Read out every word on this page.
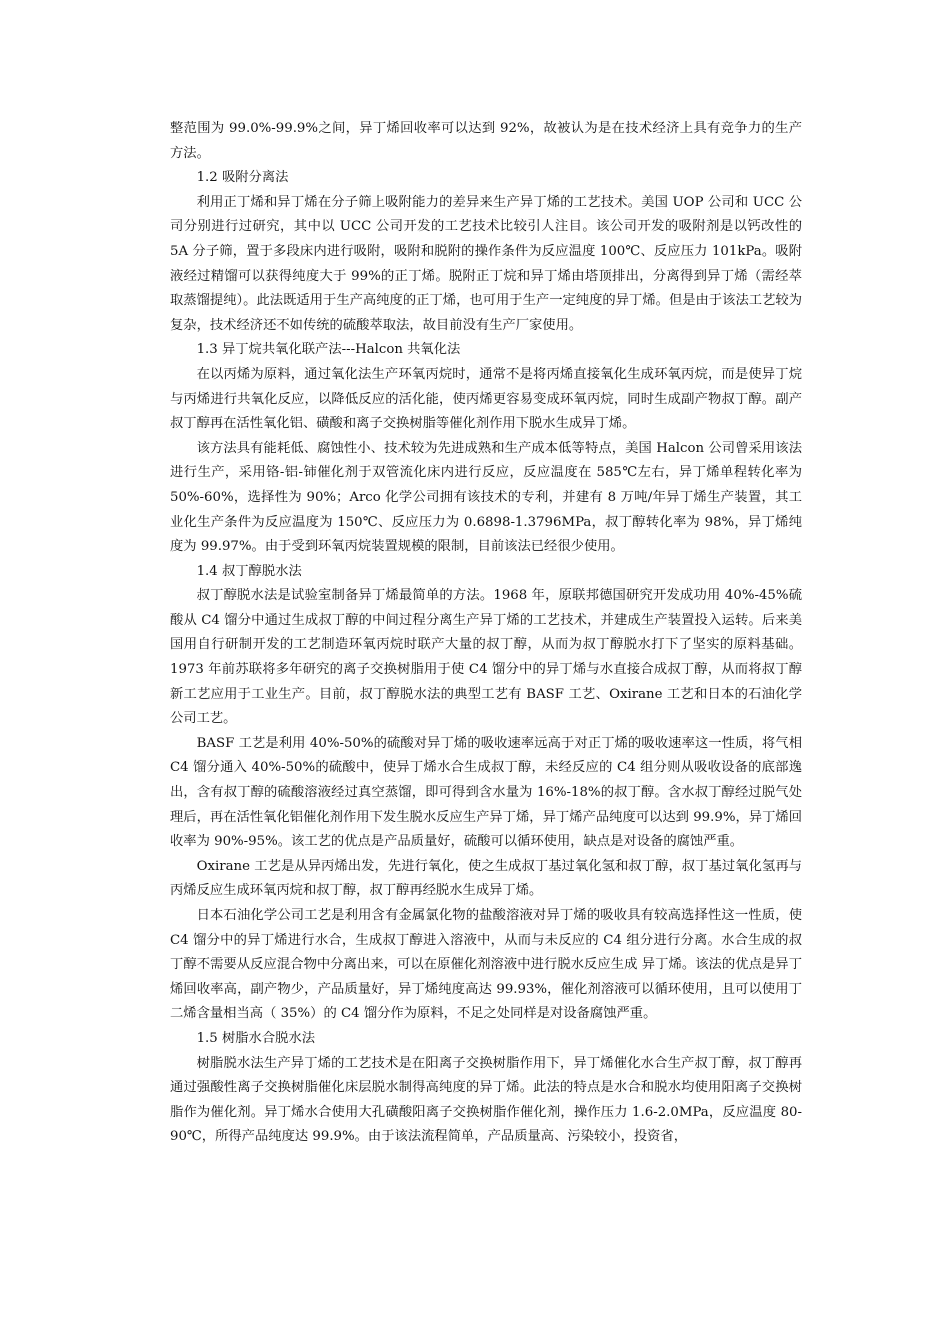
整范围为 99.0%-99.9%之间，异丁烯回收率可以达到 92%，故被认为是在技术经济上具有竞争力的生产方法。

1.2 吸附分离法

利用正丁烯和异丁烯在分子筛上吸附能力的差异来生产异丁烯的工艺技术。美国 UOP 公司和 UCC 公司分别进行过研究，其中以 UCC 公司开发的工艺技术比较引人注目。该公司开发的吸附剂是以钙改性的 5A 分子筛，置于多段床内进行吸附，吸附和脱附的操作条件为反应温度 100℃、反应压力 101kPa。吸附液经过精馏可以获得纯度大于 99%的正丁烯。脱附正丁烷和异丁烯由塔顶排出，分离得到异丁烯（需经萃取蒸馏提纯）。此法既适用于生产高纯度的正丁烯，也可用于生产一定纯度的异丁烯。但是由于该法工艺较为复杂，技术经济还不如传统的硫酸萃取法，故目前没有生产厂家使用。

1.3 异丁烷共氧化联产法---Halcon 共氧化法

在以丙烯为原料，通过氧化法生产环氧丙烷时，通常不是将丙烯直接氧化生成环氧丙烷，而是使异丁烷与丙烯进行共氧化反应，以降低反应的活化能，使丙烯更容易变成环氧丙烷，同时生成副产物叔丁醇。副产叔丁醇再在活性氧化铝、磺酸和离子交换树脂等催化剂作用下脱水生成异丁烯。

该方法具有能耗低、腐蚀性小、技术较为先进成熟和生产成本低等特点，美国 Halcon 公司曾采用该法进行生产，采用铬-铝-铈催化剂于双管流化床内进行反应，反应温度在 585℃左右，异丁烯单程转化率为 50%-60%，选择性为 90%；Arco 化学公司拥有该技术的专利，并建有 8 万吨/年异丁烯生产装置，其工业化生产条件为反应温度为 150℃、反应压力为 0.6898-1.3796MPa，叔丁醇转化率为 98%，异丁烯纯度为 99.97%。由于受到环氧丙烷装置规模的限制，目前该法已经很少使用。

1.4 叔丁醇脱水法

叔丁醇脱水法是试验室制备异丁烯最简单的方法。1968 年，原联邦德国研究开发成功用 40%-45%硫酸从 C4 馏分中通过生成叔丁醇的中间过程分离生产异丁烯的工艺技术，并建成生产装置投入运转。后来美国用自行研制开发的工艺制造环氧丙烷时联产大量的叔丁醇，从而为叔丁醇脱水打下了坚实的原料基础。1973 年前苏联将多年研究的离子交换树脂用于使 C4 馏分中的异丁烯与水直接合成叔丁醇，从而将叔丁醇新工艺应用于工业生产。目前，叔丁醇脱水法的典型工艺有 BASF 工艺、Oxirane 工艺和日本的石油化学公司工艺。

BASF 工艺是利用 40%-50%的硫酸对异丁烯的吸收速率远高于对正丁烯的吸收速率这一性质，将气相 C4 馏分通入 40%-50%的硫酸中，使异丁烯水合生成叔丁醇，未经反应的 C4 组分则从吸收设备的底部逸出，含有叔丁醇的硫酸溶液经过真空蒸馏，即可得到含水量为 16%-18%的叔丁醇。含水叔丁醇经过脱气处理后，再在活性氧化铝催化剂作用下发生脱水反应生产异丁烯，异丁烯产品纯度可以达到 99.9%，异丁烯回收率为 90%-95%。该工艺的优点是产品质量好，硫酸可以循环使用，缺点是对设备的腐蚀严重。

Oxirane 工艺是从异丙烯出发，先进行氧化，使之生成叔丁基过氧化氢和叔丁醇，叔丁基过氧化氢再与丙烯反应生成环氧丙烷和叔丁醇，叔丁醇再经脱水生成异丁烯。

日本石油化学公司工艺是利用含有金属氯化物的盐酸溶液对异丁烯的吸收具有较高选择性这一性质，使 C4 馏分中的异丁烯进行水合，生成叔丁醇进入溶液中，从而与未反应的 C4 组分进行分离。水合生成的叔丁醇不需要从反应混合物中分离出来，可以在原催化剂溶液中进行脱水反应生成 异丁烯。该法的优点是异丁烯回收率高，副产物少，产品质量好，异丁烯纯度高达 99.93%，催化剂溶液可以循环使用，且可以使用丁二烯含量相当高（ 35%）的 C4 馏分作为原料，不足之处同样是对设备腐蚀严重。

1.5 树脂水合脱水法

树脂脱水法生产异丁烯的工艺技术是在阳离子交换树脂作用下，异丁烯催化水合生产叔丁醇，叔丁醇再通过强酸性离子交换树脂催化床层脱水制得高纯度的异丁烯。此法的特点是水合和脱水均使用阳离子交换树脂作为催化剂。异丁烯水合使用大孔磺酸阳离子交换树脂作催化剂，操作压力 1.6-2.0MPa，反应温度 80-90℃，所得产品纯度达 99.9%。由于该法流程简单，产品质量高、污染较小，投资省，
